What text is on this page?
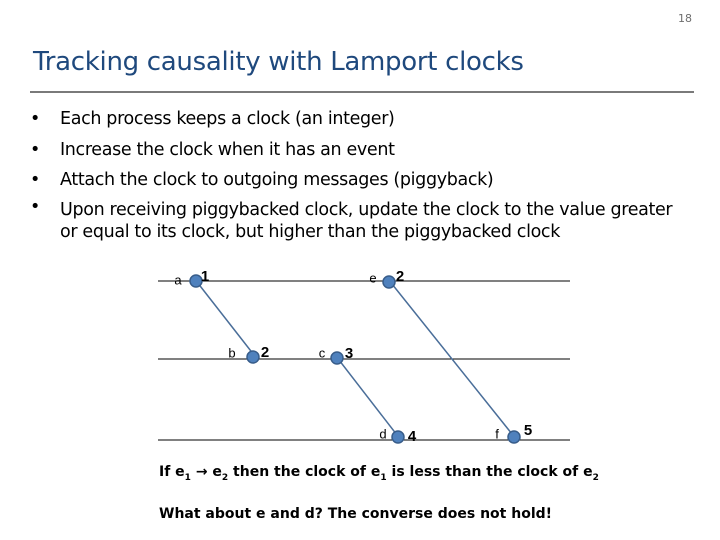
18
Tracking causality with Lamport clocks
• Each process keeps a clock (an integer)
• Increase the clock when it has an event
• Attach the clock to outgoing messages (piggyback)
• Upon receiving piggybacked clock, update the clock to the value greater or equal to its clock, but higher than the piggybacked clock
a 1	e 2
b 2	c 3
d 4	f 5
If $e_1 \to e_2$ then the clock of $e_1$ is less than the clock of $e_2$
What about e and d? The converse does not hold!
